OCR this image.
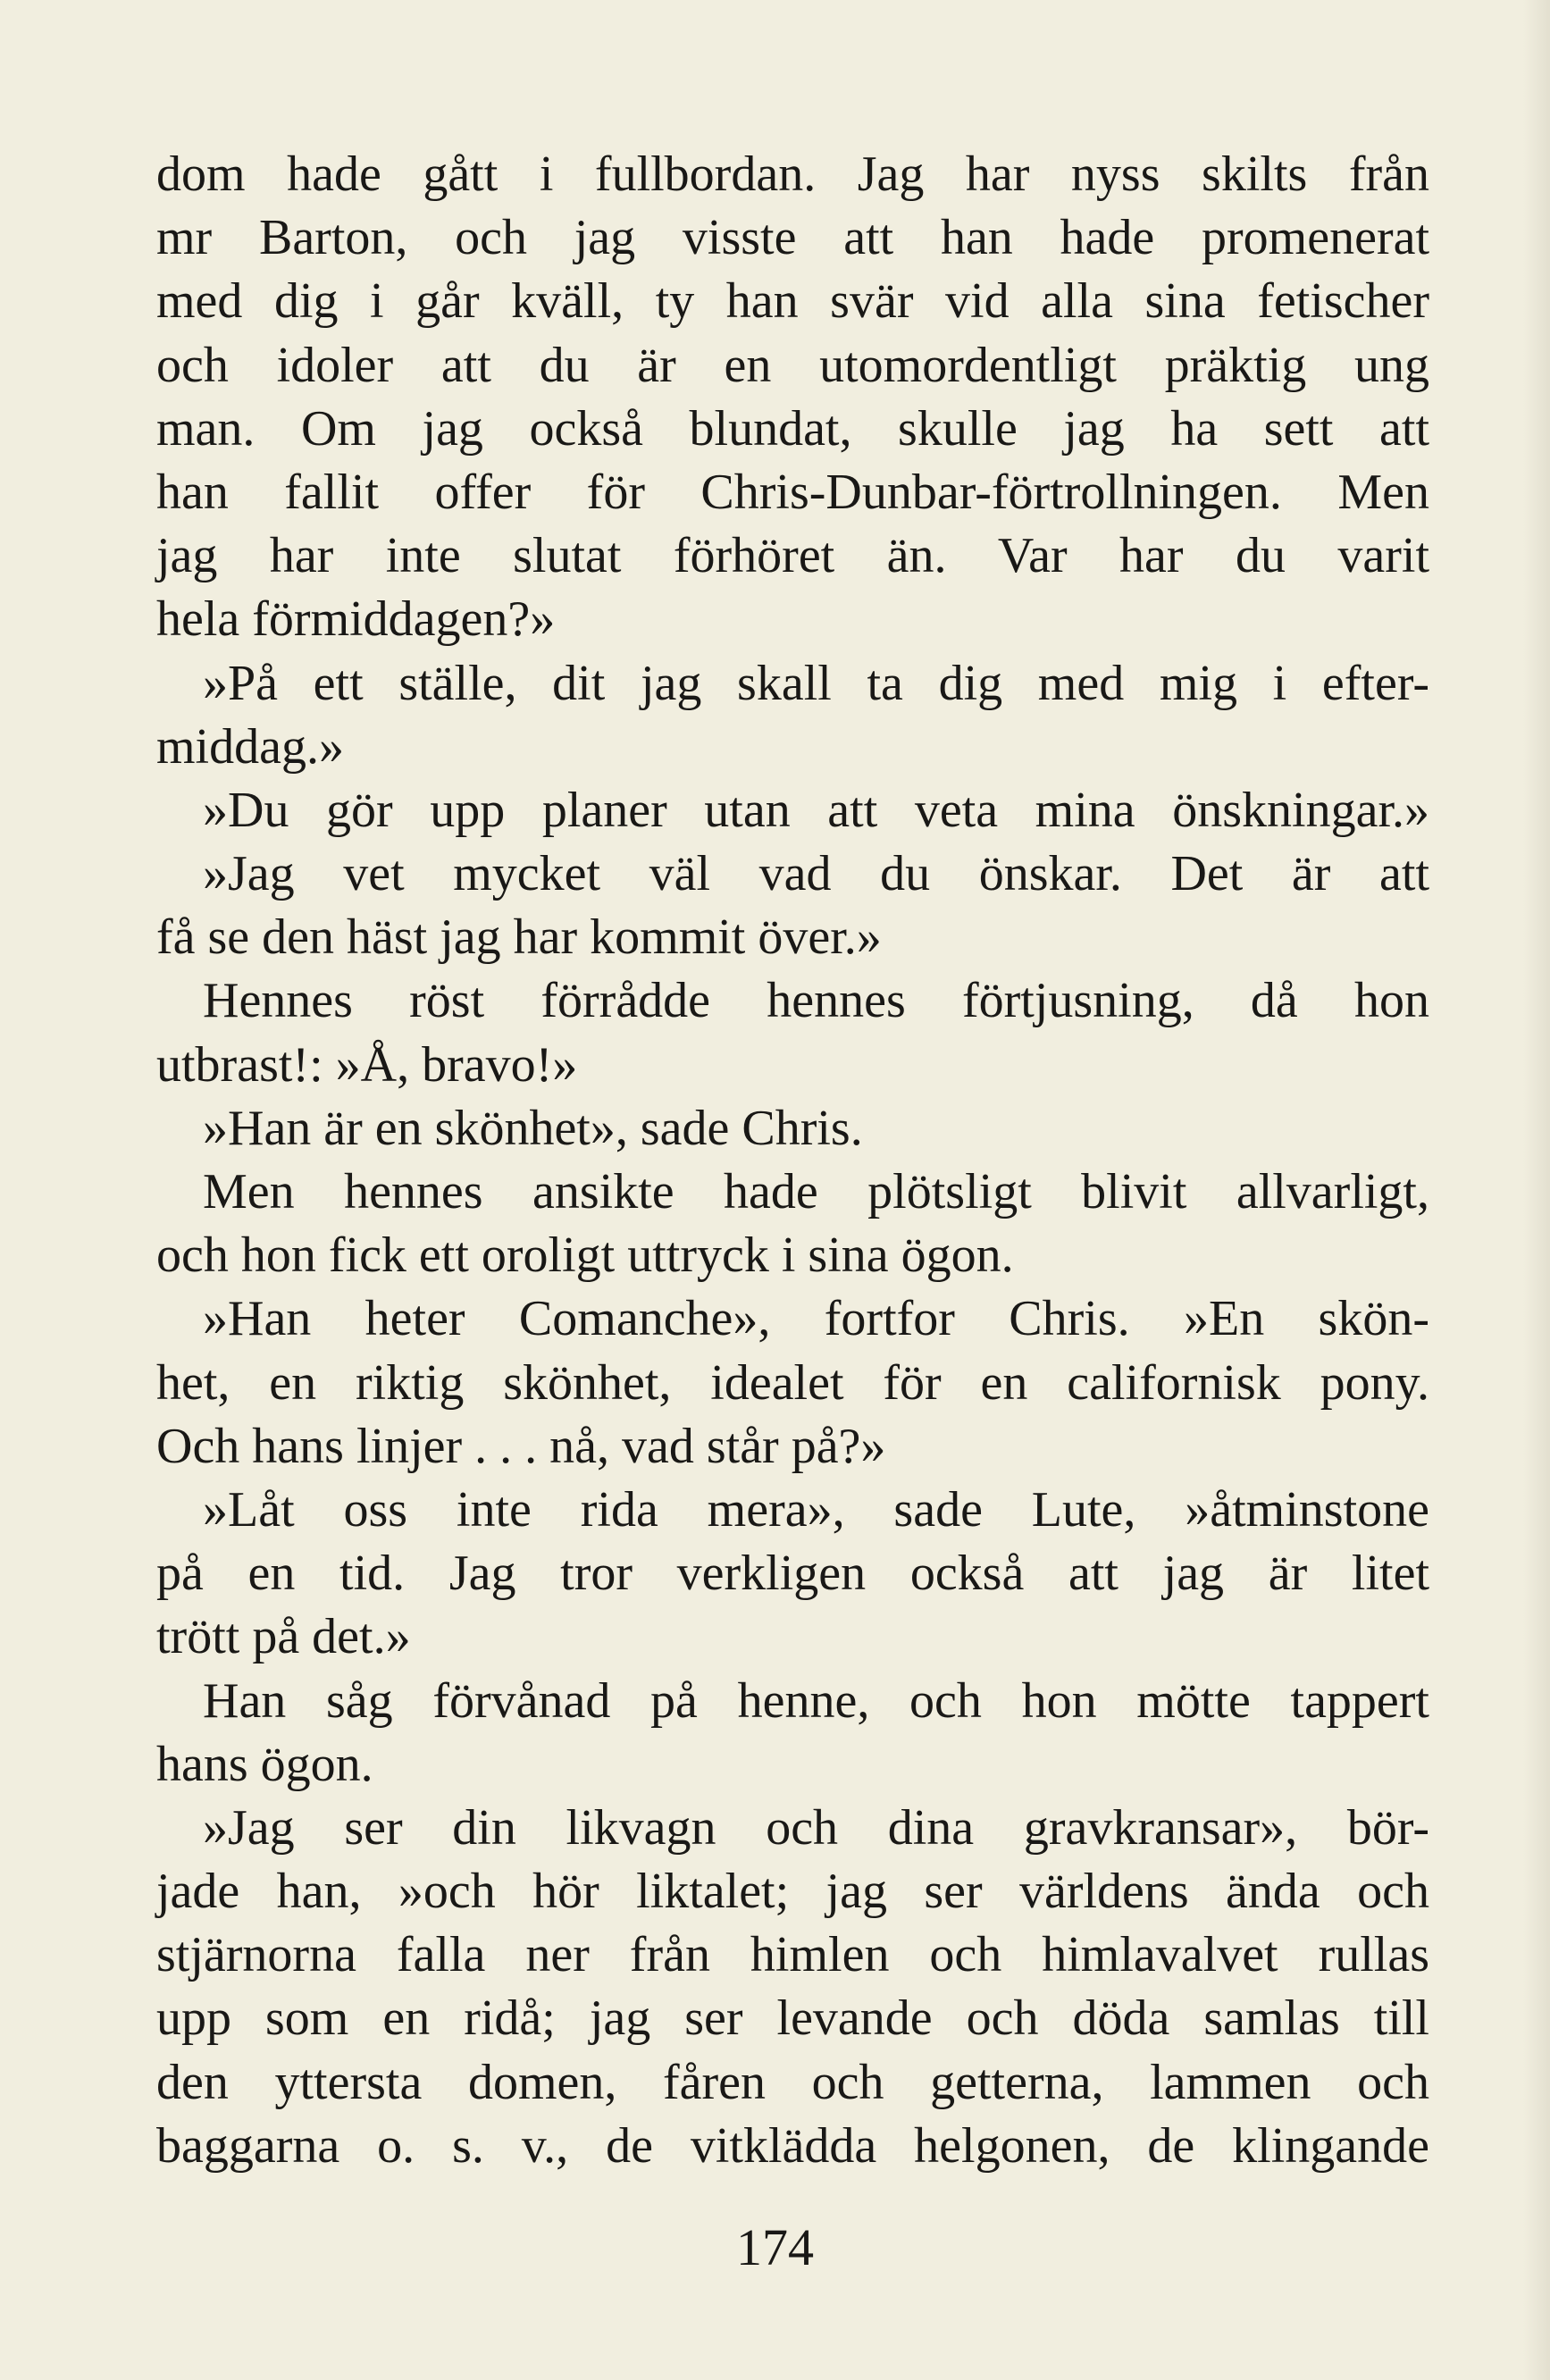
dom hade gått i fullbordan. Jag har nyss skilts från
mr Barton, och jag visste att han hade promenerat
med dig i går kväll, ty han svär vid alla sina fetischer
och idoler att du är en utomordentligt präktig ung
man. Om jag också blundat, skulle jag ha sett att
han fallit offer för Chris-Dunbar-förtrollningen. Men
jag har inte slutat förhöret än. Var har du varit
hela förmiddagen?»
»På ett ställe, dit jag skall ta dig med mig i efter-
middag.»
»Du gör upp planer utan att veta mina önskningar.»
»Jag vet mycket väl vad du önskar. Det är att
få se den häst jag har kommit över.»
Hennes röst förrådde hennes förtjusning, då hon
utbrast!: »Å, bravo!»
»Han är en skönhet», sade Chris.
Men hennes ansikte hade plötsligt blivit allvarligt,
och hon fick ett oroligt uttryck i sina ögon.
»Han heter Comanche», fortfor Chris. »En skön-
het, en riktig skönhet, idealet för en californisk pony.
Och hans linjer . . . nå, vad står på?»
»Låt oss inte rida mera», sade Lute, »åtminstone
på en tid. Jag tror verkligen också att jag är litet
trött på det.»
Han såg förvånad på henne, och hon mötte tappert
hans ögon.
»Jag ser din likvagn och dina gravkransar», bör-
jade han, »och hör liktalet; jag ser världens ända och
stjärnorna falla ner från himlen och himlavalvet rullas
upp som en ridå; jag ser levande och döda samlas till
den yttersta domen, fåren och getterna, lammen och
baggarna o. s. v., de vitklädda helgonen, de klingande
174
